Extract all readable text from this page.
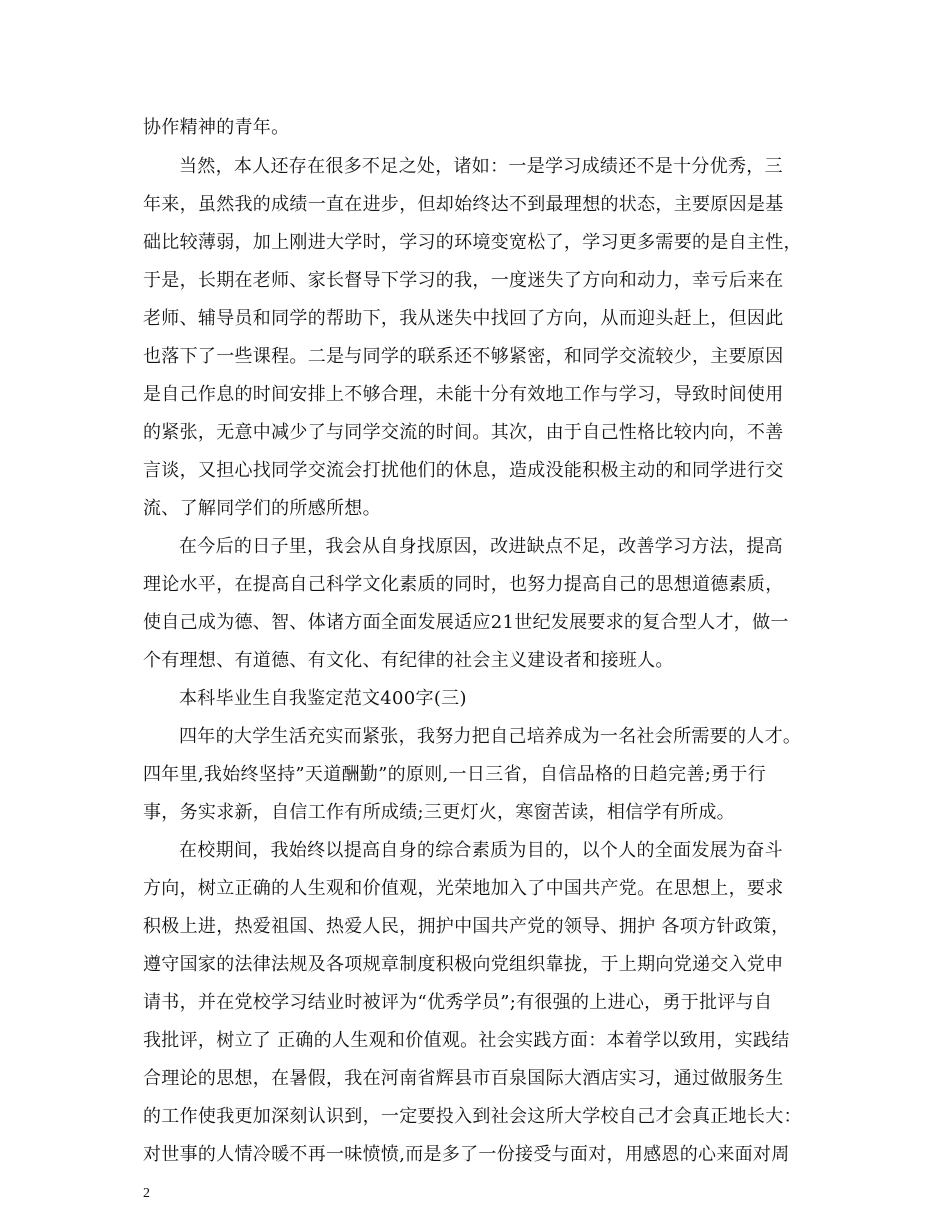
协作精神的青年。
当然，本人还存在很多不足之处，诸如：一是学习成绩还不是十分优秀，三
年来，虽然我的成绩一直在进步，但却始终达不到最理想的状态，主要原因是基
础比较薄弱，加上刚进大学时，学习的环境变宽松了，学习更多需要的是自主性，
于是，长期在老师、家长督导下学习的我，一度迷失了方向和动力，幸亏后来在
老师、辅导员和同学的帮助下，我从迷失中找回了方向，从而迎头赶上，但因此
也落下了一些课程。二是与同学的联系还不够紧密，和同学交流较少，主要原因
是自己作息的时间安排上不够合理，未能十分有效地工作与学习，导致时间使用
的紧张，无意中减少了与同学交流的时间。其次，由于自己性格比较内向，不善
言谈，又担心找同学交流会打扰他们的休息，造成没能积极主动的和同学进行交
流、了解同学们的所感所想。
在今后的日子里，我会从自身找原因，改进缺点不足，改善学习方法，提高
理论水平，在提高自己科学文化素质的同时，也努力提高自己的思想道德素质，
使自己成为德、智、体诸方面全面发展适应21世纪发展要求的复合型人才，做一
个有理想、有道德、有文化、有纪律的社会主义建设者和接班人。
本科毕业生自我鉴定范文400字(三)
四年的大学生活充实而紧张，我努力把自己培养成为一名社会所需要的人才。
四年里,我始终坚持”天道酬勤”的原则,一日三省，自信品格的日趋完善;勇于行
事，务实求新，自信工作有所成绩;三更灯火，寒窗苦读，相信学有所成。
在校期间，我始终以提高自身的综合素质为目的，以个人的全面发展为奋斗
方向，树立正确的人生观和价值观，光荣地加入了中国共产党。在思想上，要求
积极上进，热爱祖国、热爱人民，拥护中国共产党的领导、拥护 各项方针政策，
遵守国家的法律法规及各项规章制度积极向党组织靠拢，于上期向党递交入党申
请书，并在党校学习结业时被评为“优秀学员”;有很强的上进心，勇于批评与自
我批评，树立了 正确的人生观和价值观。社会实践方面：本着学以致用，实践结
合理论的思想，在暑假，我在河南省辉县市百泉国际大酒店实习，通过做服务生
的工作使我更加深刻认识到，一定要投入到社会这所大学校自己才会真正地长大：
对世事的人情冷暖不再一味愤愤,而是多了一份接受与面对，用感恩的心来面对周
2
